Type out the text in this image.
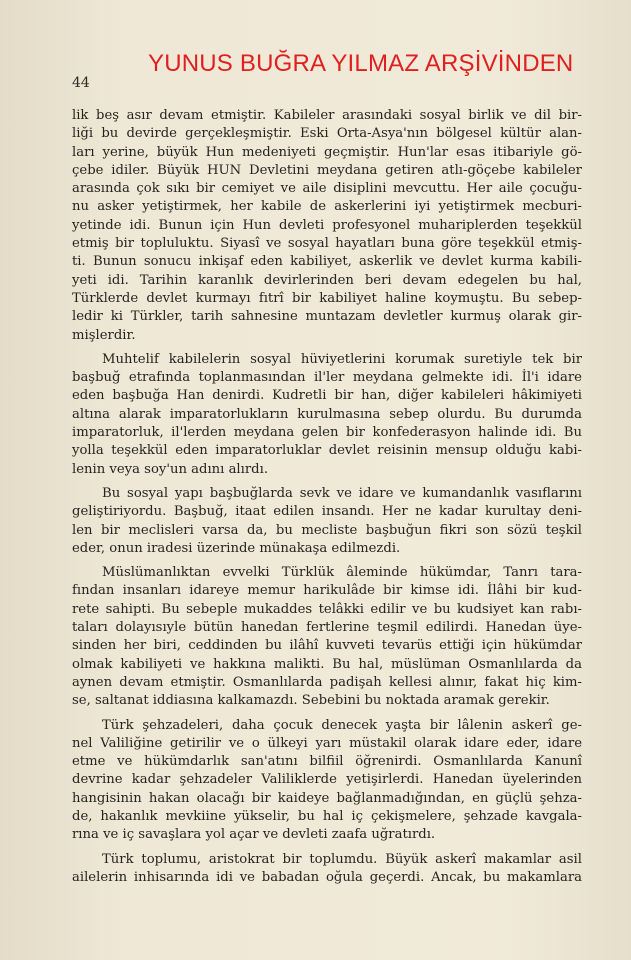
YUNUS BUĞRA YILMAZ ARŞİVİNDEN
44
lik beş asır devam etmiştir. Kabileler arasındaki sosyal birlik ve dil bir-
liği bu devirde gerçekleşmiştir. Eski Orta-Asya'nın bölgesel kültür alan-
ları yerine, büyük Hun medeniyeti geçmiştir. Hun'lar esas itibariyle gö-
çebe idiler. Büyük HUN Devletini meydana getiren atlı-göçebe kabileler
arasında çok sıkı bir cemiyet ve aile disiplini mevcuttu. Her aile çocuğu-
nu asker yetiştirmek, her kabile de askerlerini iyi yetiştirmek mecburi-
yetinde idi. Bunun için Hun devleti profesyonel muhariplerden teşekkül
etmiş bir topluluktu. Siyasî ve sosyal hayatları buna göre teşekkül etmiş-
ti. Bunun sonucu inkişaf eden kabiliyet, askerlik ve devlet kurma kabili-
yeti idi. Tarihin karanlık devirlerinden beri devam edegelen bu hal,
Türklerde devlet kurmayı fıtrî bir kabiliyet haline koymuştu. Bu sebep-
ledir ki Türkler, tarih sahnesine muntazam devletler kurmuş olarak gir-
mişlerdir.
Muhtelif kabilelerin sosyal hüviyetlerini korumak suretiyle tek bir
başbuğ etrafında toplanmasından il'ler meydana gelmekte idi. İl'i idare
eden başbuğa Han denirdi. Kudretli bir han, diğer kabileleri hâkimiyeti
altına alarak imparatorlukların kurulmasına sebep olurdu. Bu durumda
imparatorluk, il'lerden meydana gelen bir konfederasyon halinde idi. Bu
yolla teşekkül eden imparatorluklar devlet reisinin mensup olduğu kabi-
lenin veya soy'un adını alırdı.
Bu sosyal yapı başbuğlarda sevk ve idare ve kumandanlık vasıflarını
geliştiriyordu. Başbuğ, itaat edilen insandı. Her ne kadar kurultay deni-
len bir meclisleri varsa da, bu mecliste başbuğun fikri son sözü teşkil
eder, onun iradesi üzerinde münakaşa edilmezdi.
Müslümanlıktan evvelki Türklük âleminde hükümdar, Tanrı tara-
fından insanları idareye memur harikulâde bir kimse idi. İlâhi bir kud-
rete sahipti. Bu sebeple mukaddes telâkki edilir ve bu kudsiyet kan rabı-
taları dolayısıyle bütün hanedan fertlerine teşmil edilirdi. Hanedan üye-
sinden her biri, ceddinden bu ilâhî kuvveti tevarüs ettiği için hükümdar
olmak kabiliyeti ve hakkına malikti. Bu hal, müslüman Osmanlılarda da
aynen devam etmiştir. Osmanlılarda padişah kellesi alınır, fakat hiç kim-
se, saltanat iddiasına kalkamazdı. Sebebini bu noktada aramak gerekir.
Türk şehzadeleri, daha çocuk denecek yaşta bir lâlenin askerî ge-
nel Valiliğine getirilir ve o ülkeyi yarı müstakil olarak idare eder, idare
etme ve hükümdarlık san'atını bilfiil öğrenirdi. Osmanlılarda Kanunî
devrine kadar şehzadeler Valiliklerde yetişirlerdi. Hanedan üyelerinden
hangisinin hakan olacağı bir kaideye bağlanmadığından, en güçlü şehza-
de, hakanlık mevkiine yükselir, bu hal iç çekişmelere, şehzade kavgala-
rına ve iç savaşlara yol açar ve devleti zaafa uğratırdı.
Türk toplumu, aristokrat bir toplumdu. Büyük askerî makamlar asil
ailelerin inhisarında idi ve babadan oğula geçerdi. Ancak, bu makamlara
